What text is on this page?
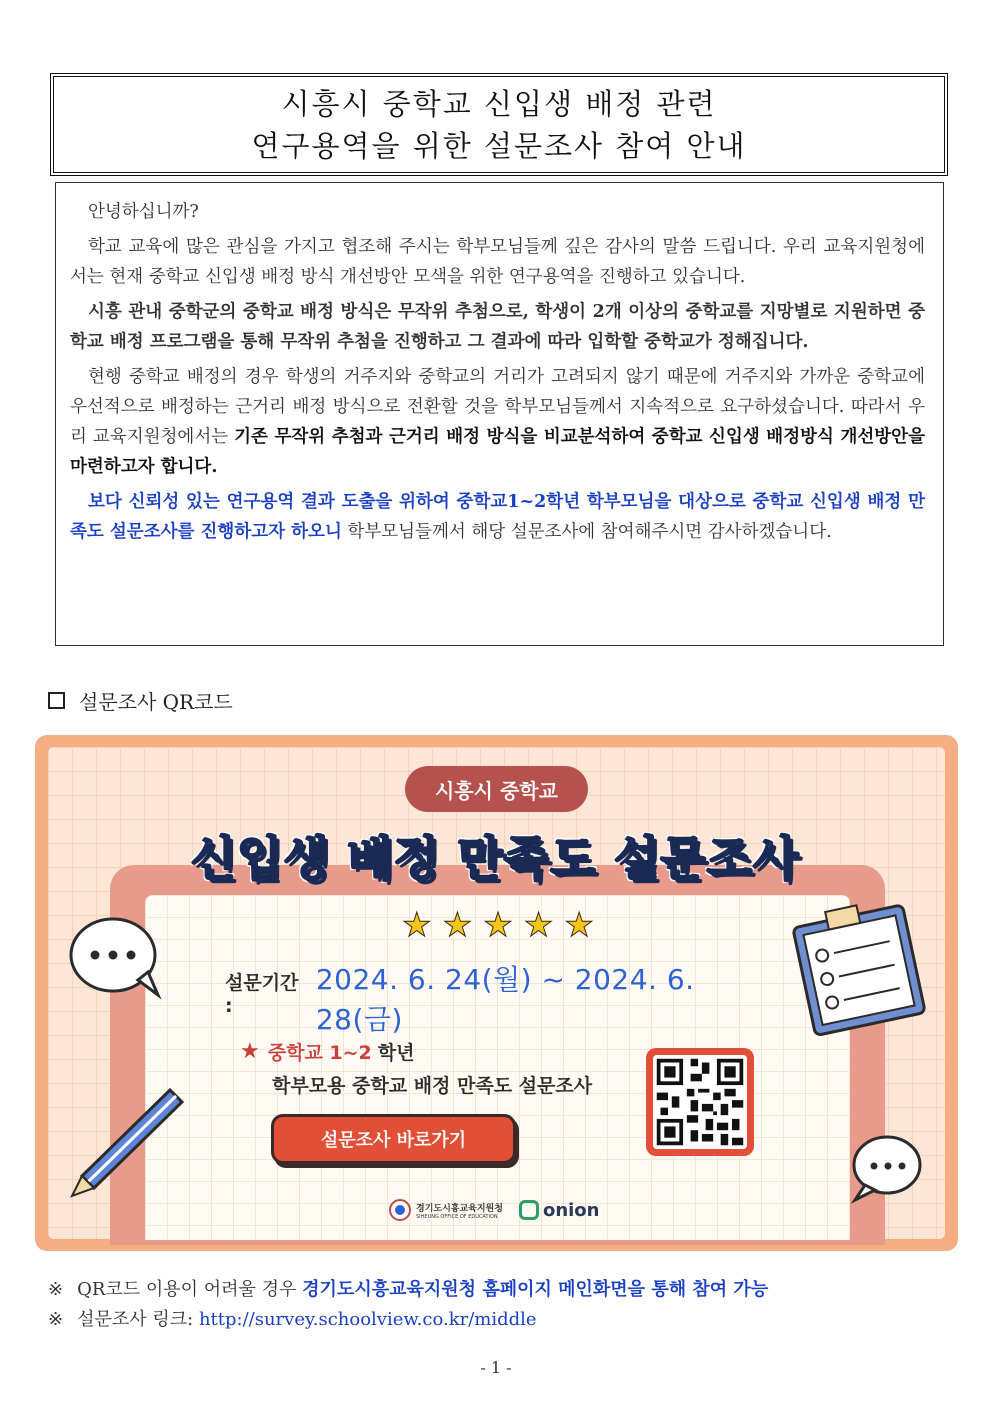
시흥시 중학교 신입생 배정 관련
연구용역을 위한 설문조사 참여 안내

안녕하십니까?

학교 교육에 많은 관심을 가지고 협조해 주시는 학부모님들께 깊은 감사의 말씀 드립니다. 우리 교육지원청에서는 현재 중학교 신입생 배정 방식 개선방안 모색을 위한 연구용역을 진행하고 있습니다.

시흥 관내 중학군의 중학교 배정 방식은 무작위 추첨으로, 학생이 2개 이상의 중학교를 지망별로 지원하면 중학교 배정 프로그램을 통해 무작위 추첨을 진행하고 그 결과에 따라 입학할 중학교가 정해집니다.

현행 중학교 배정의 경우 학생의 거주지와 중학교의 거리가 고려되지 않기 때문에 거주지와 가까운 중학교에 우선적으로 배정하는 근거리 배정 방식으로 전환할 것을 학부모님들께서 지속적으로 요구하셨습니다. 따라서 우리 교육지원청에서는 기존 무작위 추첨과 근거리 배정 방식을 비교분석하여 중학교 신입생 배정방식 개선방안을 마련하고자 합니다.

보다 신뢰성 있는 연구용역 결과 도출을 위하여 중학교1~2학년 학부모님을 대상으로 중학교 신입생 배정 만족도 설문조사를 진행하고자 하오니 학부모님들께서 해당 설문조사에 참여해주시면 감사하겠습니다.

설문조사 QR코드
시흥시 중학교
신입생 배정 만족도 설문조사
★ ★ ★ ★ ★
설문기간 :
2024. 6. 24(월) ~ 2024. 6. 28(금)
★ 중학교 1~2 학년
학부모용 중학교 배정 만족도 설문조사
설문조사 바로가기
경기도시흥교육지원청
SIHEUNG OFFICE OF EDUCATION	onion
※ QR코드 이용이 어려울 경우 경기도시흥교육지원청 홈페이지 메인화면을 통해 참여 가능
※ 설문조사 링크: http://survey.schoolview.co.kr/middle
- 1 -
